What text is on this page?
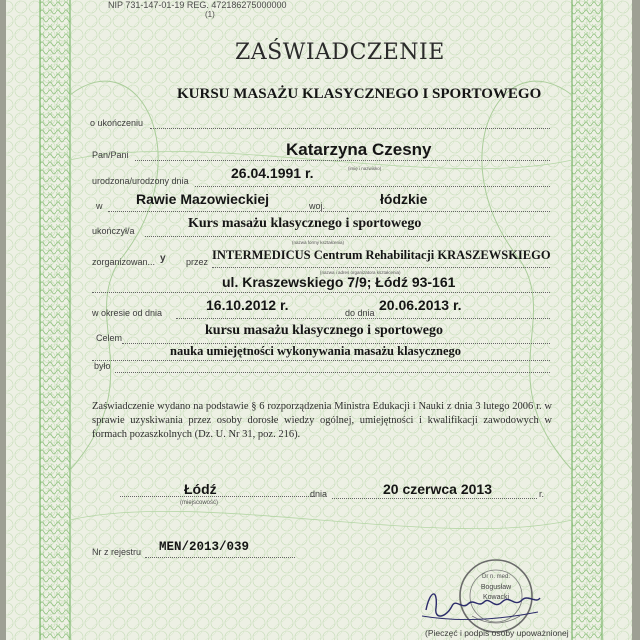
NIP 731-147-01-19 REG. 472186275000000
(1)
ZAŚWIADCZENIE
KURSU MASAŻU KLASYCZNEGO I SPORTOWEGO
o ukończeniu
Pan/Pani	Katarzyna Czesny
(imię i nazwisko)
urodzona/urodzony dnia	26.04.1991 r.
w Rawie Mazowieckiej	woj.	łódzkie
ukończył/a	Kurs masażu klasycznego i sportowego
(nazwa formy kształcenia)
zorganizowan... y przez INTERMEDICUS Centrum Rehabilitacji KRASZEWSKIEGO
(nazwa i adres organizatora kształcenia)
ul. Kraszewskiego 7/9; Łódź 93-161
w okresie od dnia	16.10.2012 r.	do dnia 20.06.2013 r.
Celem	kursu masażu klasycznego i sportowego
nauka umiejętności wykonywania masażu klasycznego
było
Zaświadczenie wydano na podstawie § 6 rozporządzenia Ministra Edukacji i Nauki z dnia 3 lutego 2006 r. w sprawie uzyskiwania przez osoby dorosłe wiedzy ogólnej, umiejętności i kwalifikacji zawodowych w formach pozaszkolnych (Dz. U. Nr 31, poz. 216).
Łódź
(miejscowość)
dnia	20 czerwca 2013	r.
Nr z rejestru MEN/2013/039
Dr n. med.
Bogusław
Kowacki
(Pieczęć i podpis osoby upoważnionej
